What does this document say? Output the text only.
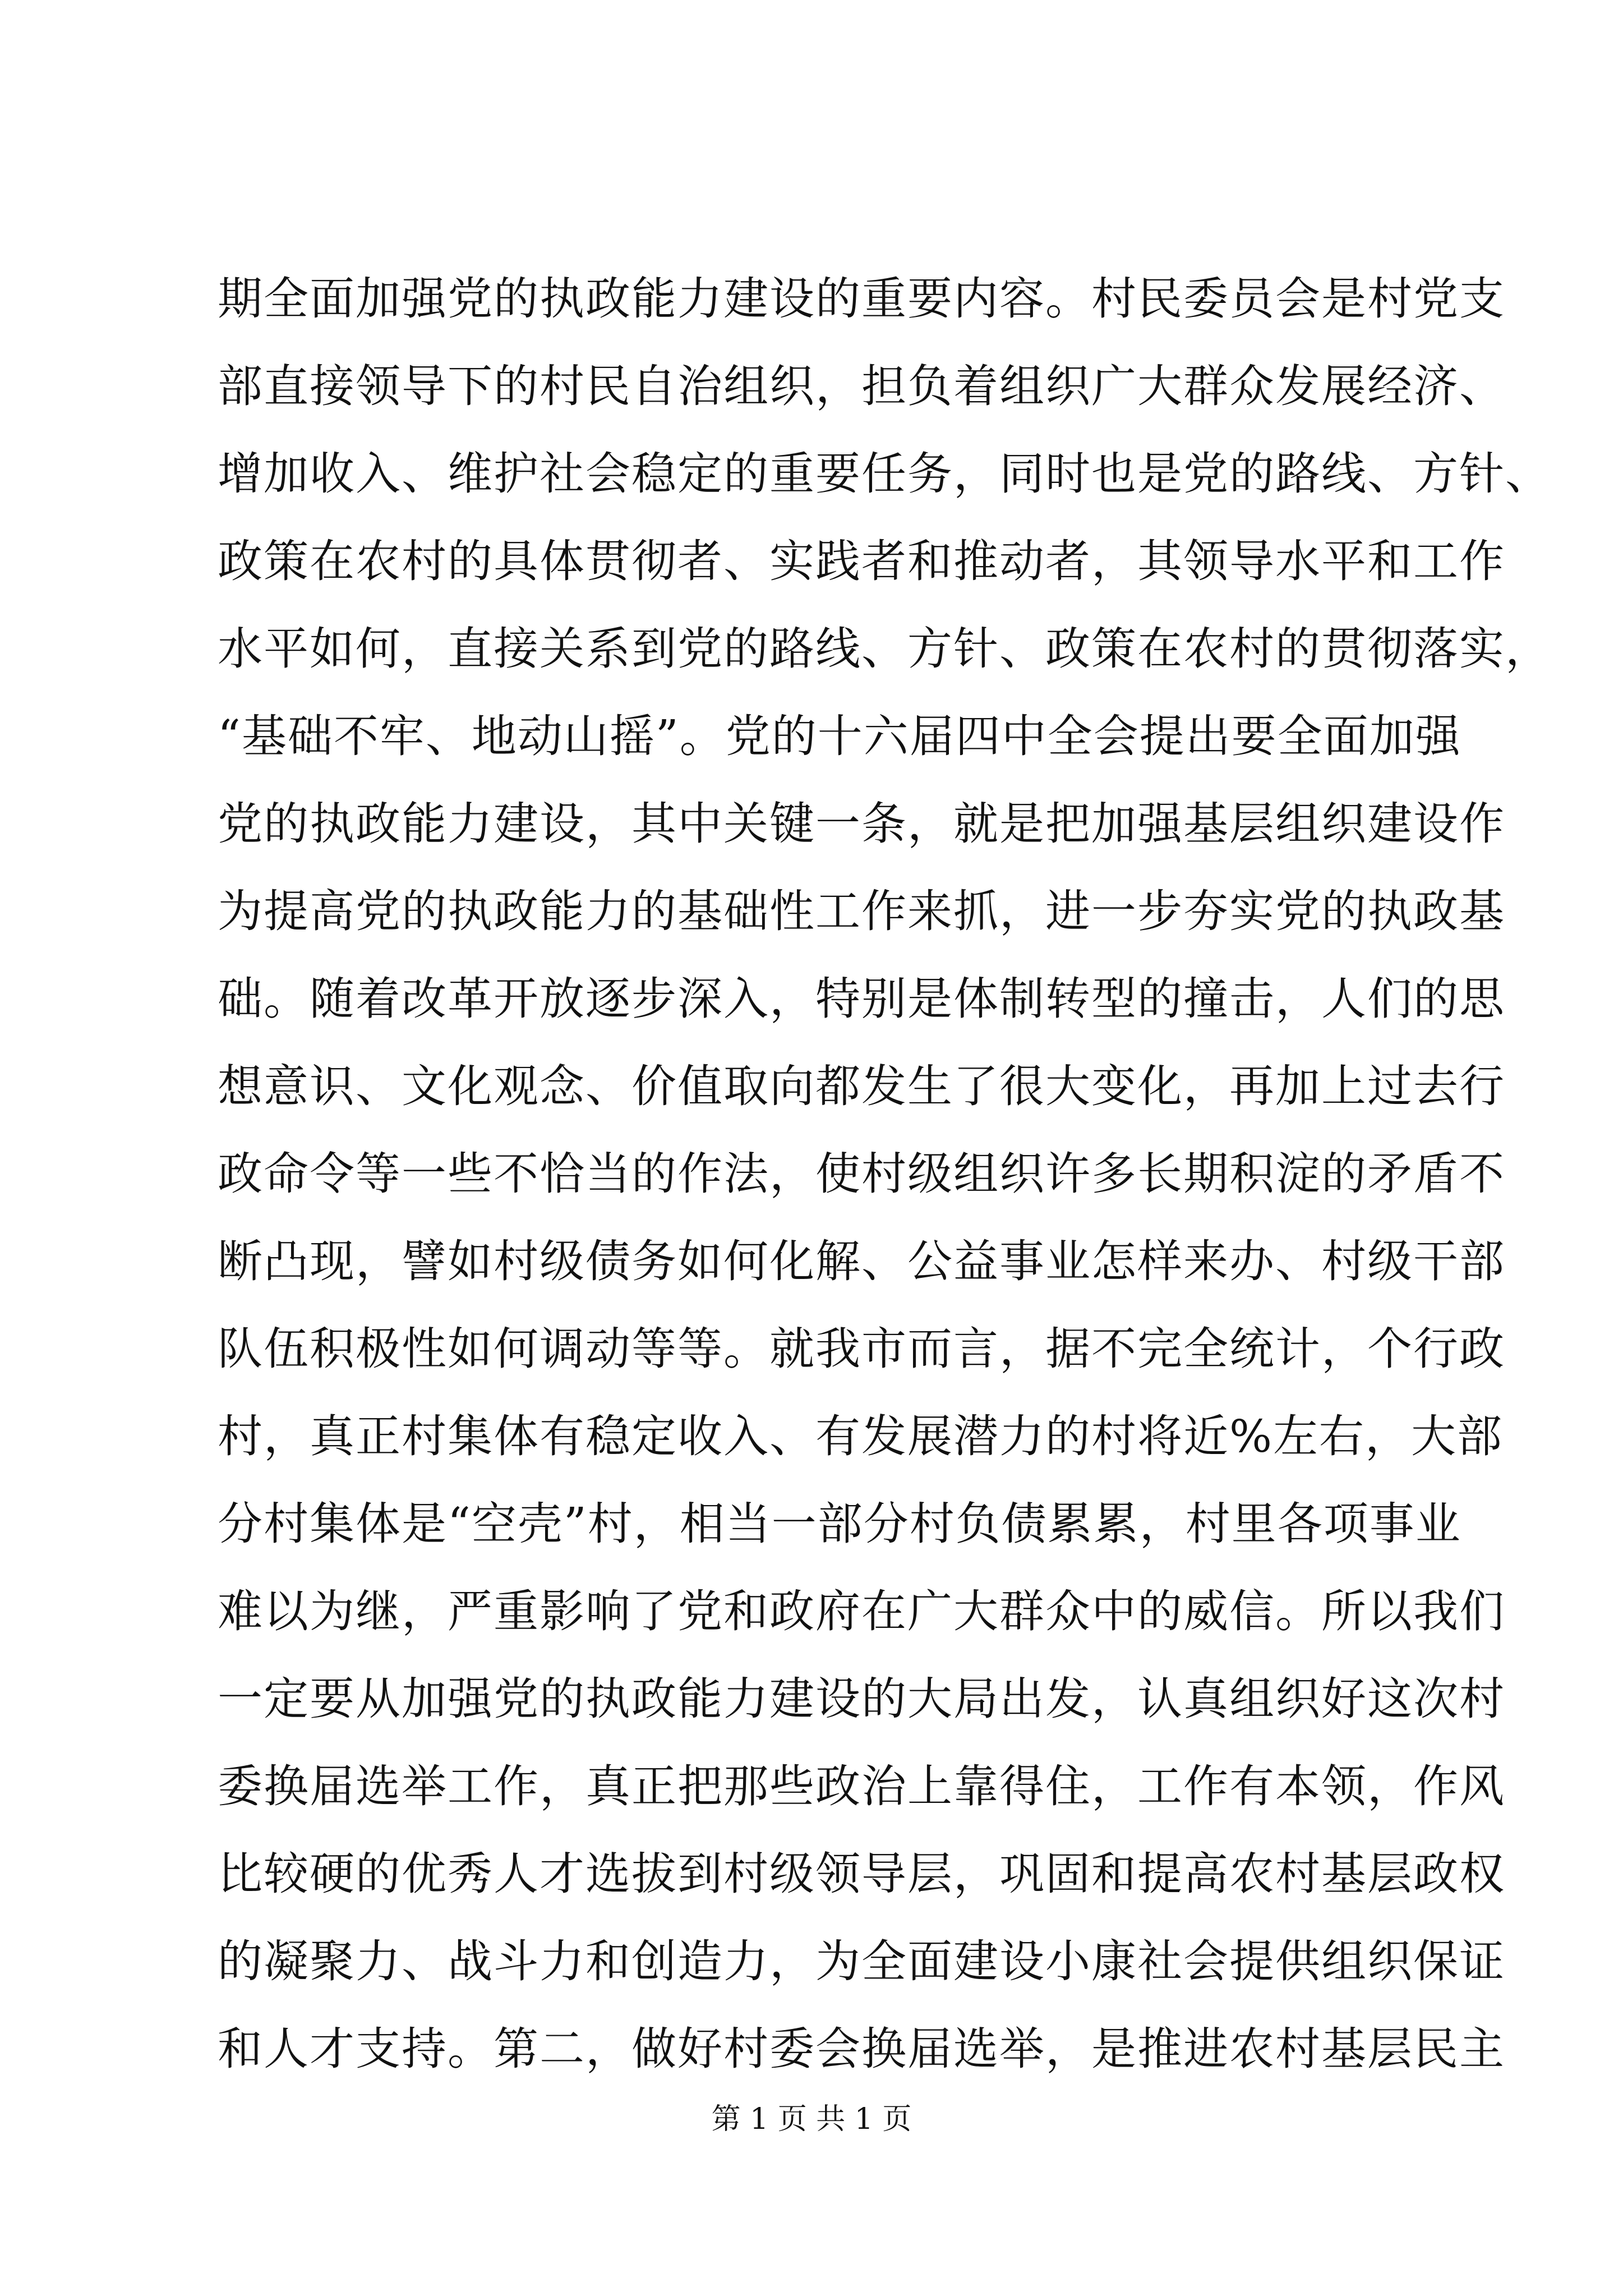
期全面加强党的执政能力建设的重要内容。村民委员会是村党支
部直接领导下的村民自治组织，担负着组织广大群众发展经济、
增加收入、维护社会稳定的重要任务，同时也是党的路线、方针、
政策在农村的具体贯彻者、实践者和推动者，其领导水平和工作
水平如何，直接关系到党的路线、方针、政策在农村的贯彻落实，
“基础不牢、地动山摇”。党的十六届四中全会提出要全面加强
党的执政能力建设，其中关键一条，就是把加强基层组织建设作
为提高党的执政能力的基础性工作来抓，进一步夯实党的执政基
础。随着改革开放逐步深入，特别是体制转型的撞击，人们的思
想意识、文化观念、价值取向都发生了很大变化，再加上过去行
政命令等一些不恰当的作法，使村级组织许多长期积淀的矛盾不
断凸现，譬如村级债务如何化解、公益事业怎样来办、村级干部
队伍积极性如何调动等等。就我市而言，据不完全统计，个行政
村，真正村集体有稳定收入、有发展潜力的村将近%左右，大部
分村集体是“空壳”村，相当一部分村负债累累，村里各项事业
难以为继，严重影响了党和政府在广大群众中的威信。所以我们
一定要从加强党的执政能力建设的大局出发，认真组织好这次村
委换届选举工作，真正把那些政治上靠得住，工作有本领，作风
比较硬的优秀人才选拔到村级领导层，巩固和提高农村基层政权
的凝聚力、战斗力和创造力，为全面建设小康社会提供组织保证
和人才支持。第二，做好村委会换届选举，是推进农村基层民主
第 1 页 共 1 页
